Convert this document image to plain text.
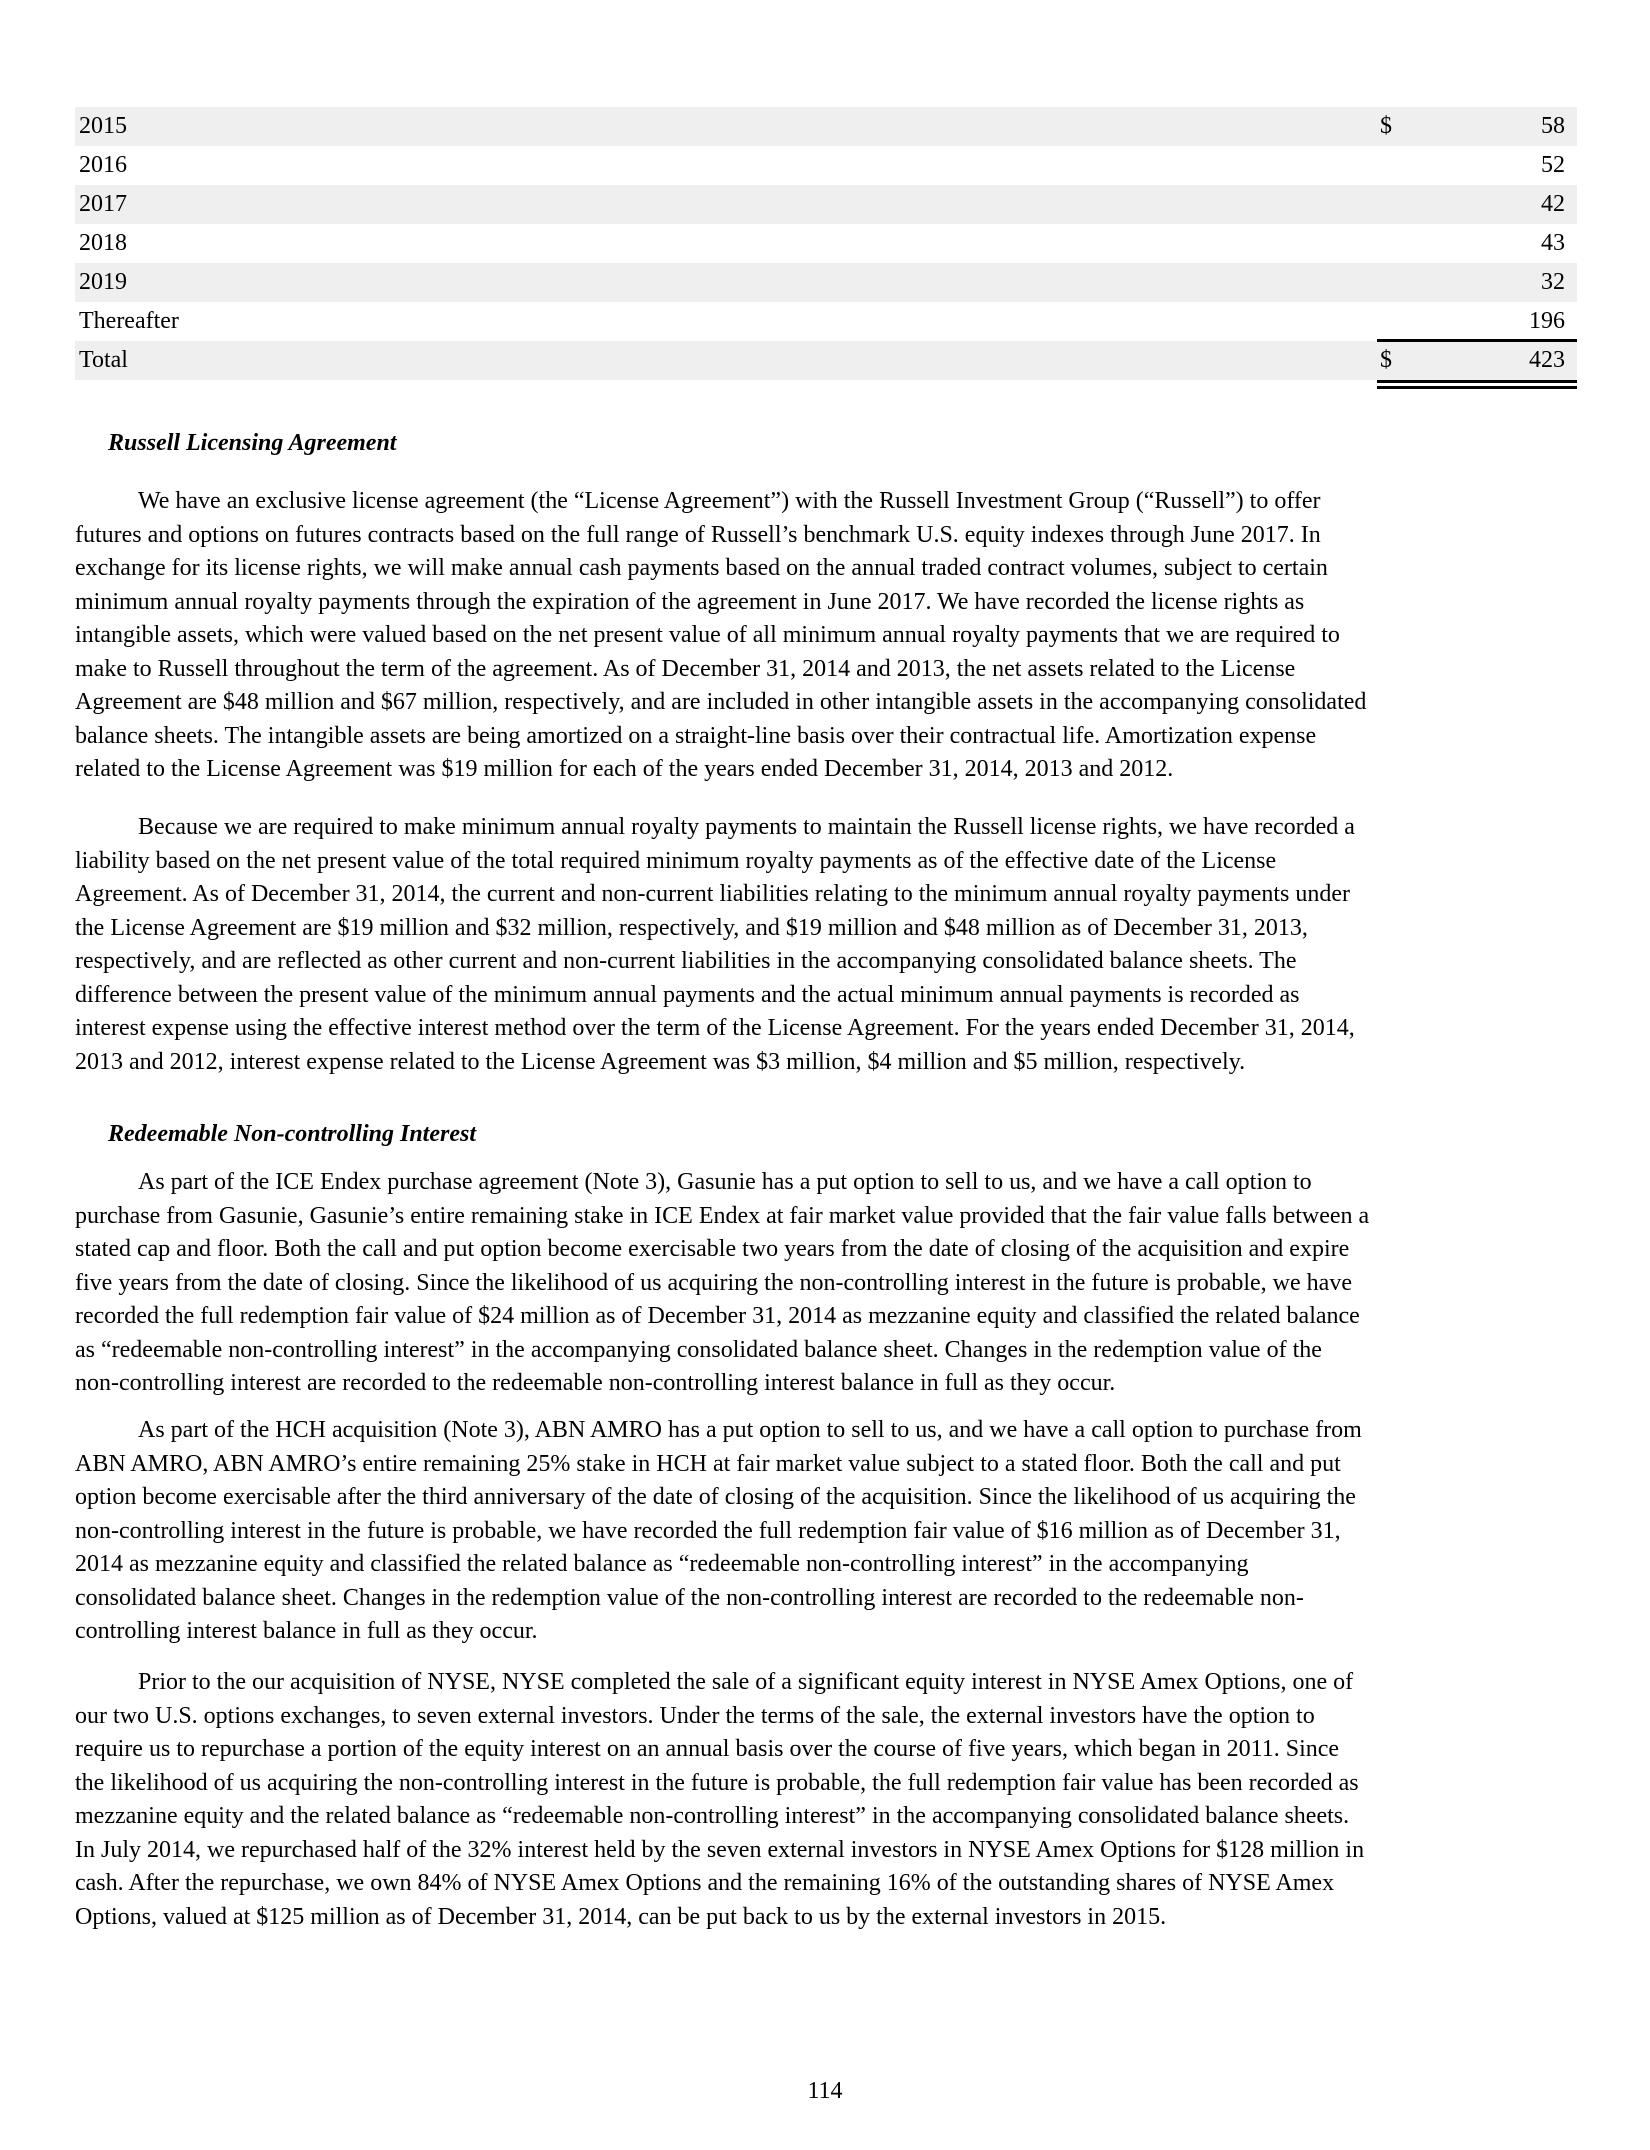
2015	$	58
2016	52
2017	42
2018	43
2019	32
Thereafter	196
Total	$	423
Russell Licensing Agreement
We have an exclusive license agreement (the “License Agreement”) with the Russell Investment Group (“Russell”) to offer
futures and options on futures contracts based on the full range of Russell’s benchmark U.S. equity indexes through June 2017. In
exchange for its license rights, we will make annual cash payments based on the annual traded contract volumes, subject to certain
minimum annual royalty payments through the expiration of the agreement in June 2017. We have recorded the license rights as
intangible assets, which were valued based on the net present value of all minimum annual royalty payments that we are required to
make to Russell throughout the term of the agreement. As of December 31, 2014 and 2013, the net assets related to the License
Agreement are $48 million and $67 million, respectively, and are included in other intangible assets in the accompanying consolidated
balance sheets. The intangible assets are being amortized on a straight-line basis over their contractual life. Amortization expense
related to the License Agreement was $19 million for each of the years ended December 31, 2014, 2013 and 2012.
Because we are required to make minimum annual royalty payments to maintain the Russell license rights, we have recorded a
liability based on the net present value of the total required minimum royalty payments as of the effective date of the License
Agreement. As of December 31, 2014, the current and non-current liabilities relating to the minimum annual royalty payments under
the License Agreement are $19 million and $32 million, respectively, and $19 million and $48 million as of December 31, 2013,
respectively, and are reflected as other current and non-current liabilities in the accompanying consolidated balance sheets. The
difference between the present value of the minimum annual payments and the actual minimum annual payments is recorded as
interest expense using the effective interest method over the term of the License Agreement. For the years ended December 31, 2014,
2013 and 2012, interest expense related to the License Agreement was $3 million, $4 million and $5 million, respectively.
Redeemable Non-controlling Interest
As part of the ICE Endex purchase agreement (Note 3), Gasunie has a put option to sell to us, and we have a call option to
purchase from Gasunie, Gasunie’s entire remaining stake in ICE Endex at fair market value provided that the fair value falls between a
stated cap and floor. Both the call and put option become exercisable two years from the date of closing of the acquisition and expire
five years from the date of closing. Since the likelihood of us acquiring the non-controlling interest in the future is probable, we have
recorded the full redemption fair value of $24 million as of December 31, 2014 as mezzanine equity and classified the related balance
as “redeemable non-controlling interest” in the accompanying consolidated balance sheet. Changes in the redemption value of the
non-controlling interest are recorded to the redeemable non-controlling interest balance in full as they occur.
As part of the HCH acquisition (Note 3), ABN AMRO has a put option to sell to us, and we have a call option to purchase from
ABN AMRO, ABN AMRO’s entire remaining 25% stake in HCH at fair market value subject to a stated floor. Both the call and put
option become exercisable after the third anniversary of the date of closing of the acquisition. Since the likelihood of us acquiring the
non-controlling interest in the future is probable, we have recorded the full redemption fair value of $16 million as of December 31,
2014 as mezzanine equity and classified the related balance as “redeemable non-controlling interest” in the accompanying
consolidated balance sheet. Changes in the redemption value of the non-controlling interest are recorded to the redeemable non-
controlling interest balance in full as they occur.
Prior to the our acquisition of NYSE, NYSE completed the sale of a significant equity interest in NYSE Amex Options, one of
our two U.S. options exchanges, to seven external investors. Under the terms of the sale, the external investors have the option to
require us to repurchase a portion of the equity interest on an annual basis over the course of five years, which began in 2011. Since
the likelihood of us acquiring the non-controlling interest in the future is probable, the full redemption fair value has been recorded as
mezzanine equity and the related balance as “redeemable non-controlling interest” in the accompanying consolidated balance sheets.
In July 2014, we repurchased half of the 32% interest held by the seven external investors in NYSE Amex Options for $128 million in
cash. After the repurchase, we own 84% of NYSE Amex Options and the remaining 16% of the outstanding shares of NYSE Amex
Options, valued at $125 million as of December 31, 2014, can be put back to us by the external investors in 2015.
114
